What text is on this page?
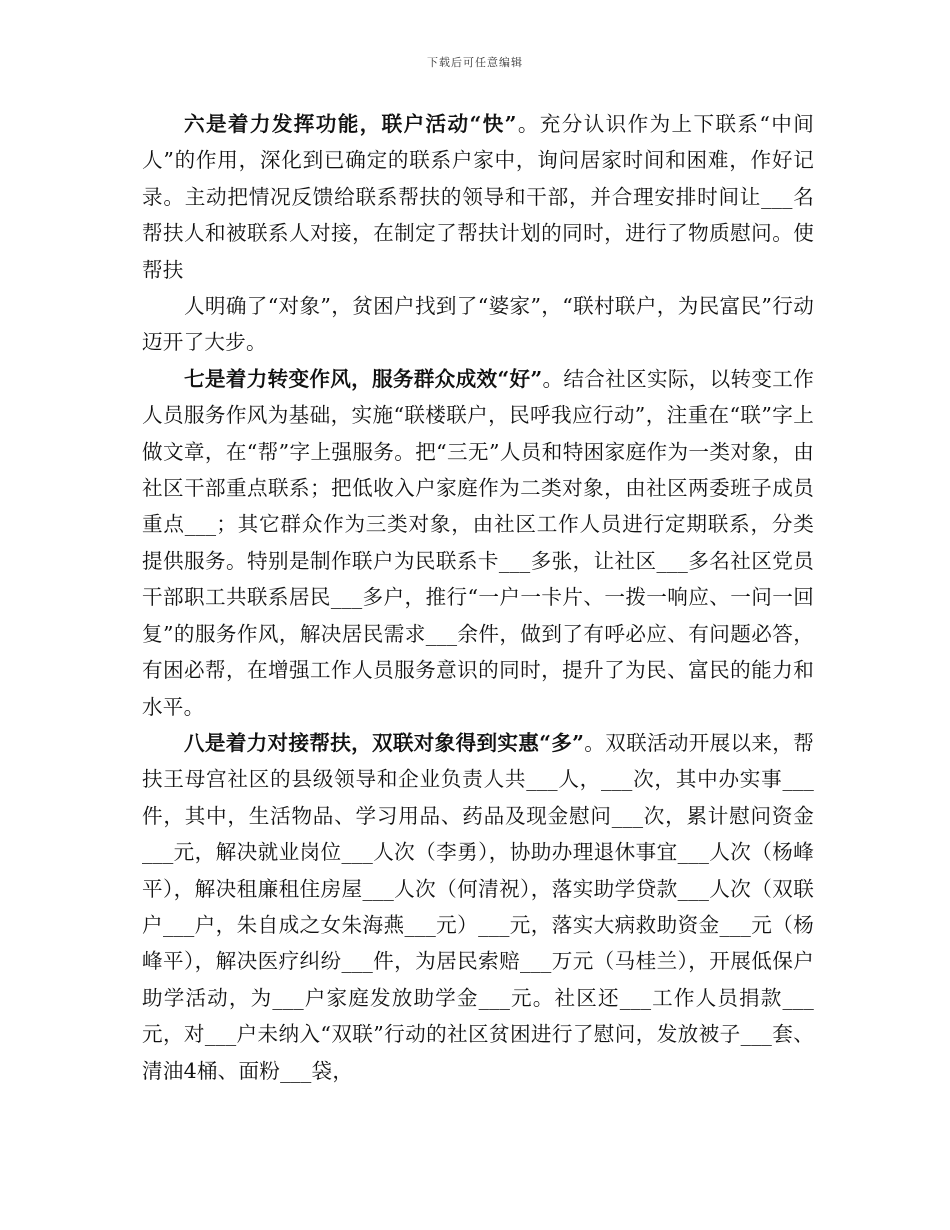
下载后可任意编辑

六是着力发挥功能，联户活动“快”。充分认识作为上下联系“中间人”的作用，深化到已确定的联系户家中，询问居家时间和困难，作好记录。主动把情况反馈给联系帮扶的领导和干部，并合理安排时间让___名帮扶人和被联系人对接，在制定了帮扶计划的同时，进行了物质慰问。使帮扶

人明确了“对象”，贫困户找到了“婆家”，“联村联户，为民富民”行动迈开了大步。

七是着力转变作风，服务群众成效“好”。结合社区实际，以转变工作人员服务作风为基础，实施“联楼联户，民呼我应行动”，注重在“联”字上做文章，在“帮”字上强服务。把“三无”人员和特困家庭作为一类对象，由社区干部重点联系；把低收入户家庭作为二类对象，由社区两委班子成员重点___；其它群众作为三类对象，由社区工作人员进行定期联系，分类提供服务。特别是制作联户为民联系卡___多张，让社区___多名社区党员干部职工共联系居民___多户，推行“一户一卡片、一拨一响应、一问一回复”的服务作风，解决居民需求___余件，做到了有呼必应、有问题必答，有困必帮，在增强工作人员服务意识的同时，提升了为民、富民的能力和水平。

八是着力对接帮扶，双联对象得到实惠“多”。双联活动开展以来，帮扶王母宫社区的县级领导和企业负责人共___人，___次，其中办实事___件，其中，生活物品、学习用品、药品及现金慰问___次，累计慰问资金___元，解决就业岗位___人次（李勇），协助办理退休事宜___人次（杨峰平），解决租廉租住房屋___人次（何清祝），落实助学贷款___人次（双联户___户，朱自成之女朱海燕___元）___元，落实大病救助资金___元（杨峰平），解决医疗纠纷___件，为居民索赔___万元（马桂兰），开展低保户助学活动，为___户家庭发放助学金___元。社区还___工作人员捐款___元，对___户未纳入“双联”行动的社区贫困进行了慰问，发放被子___套、清油4桶、面粉___袋，
